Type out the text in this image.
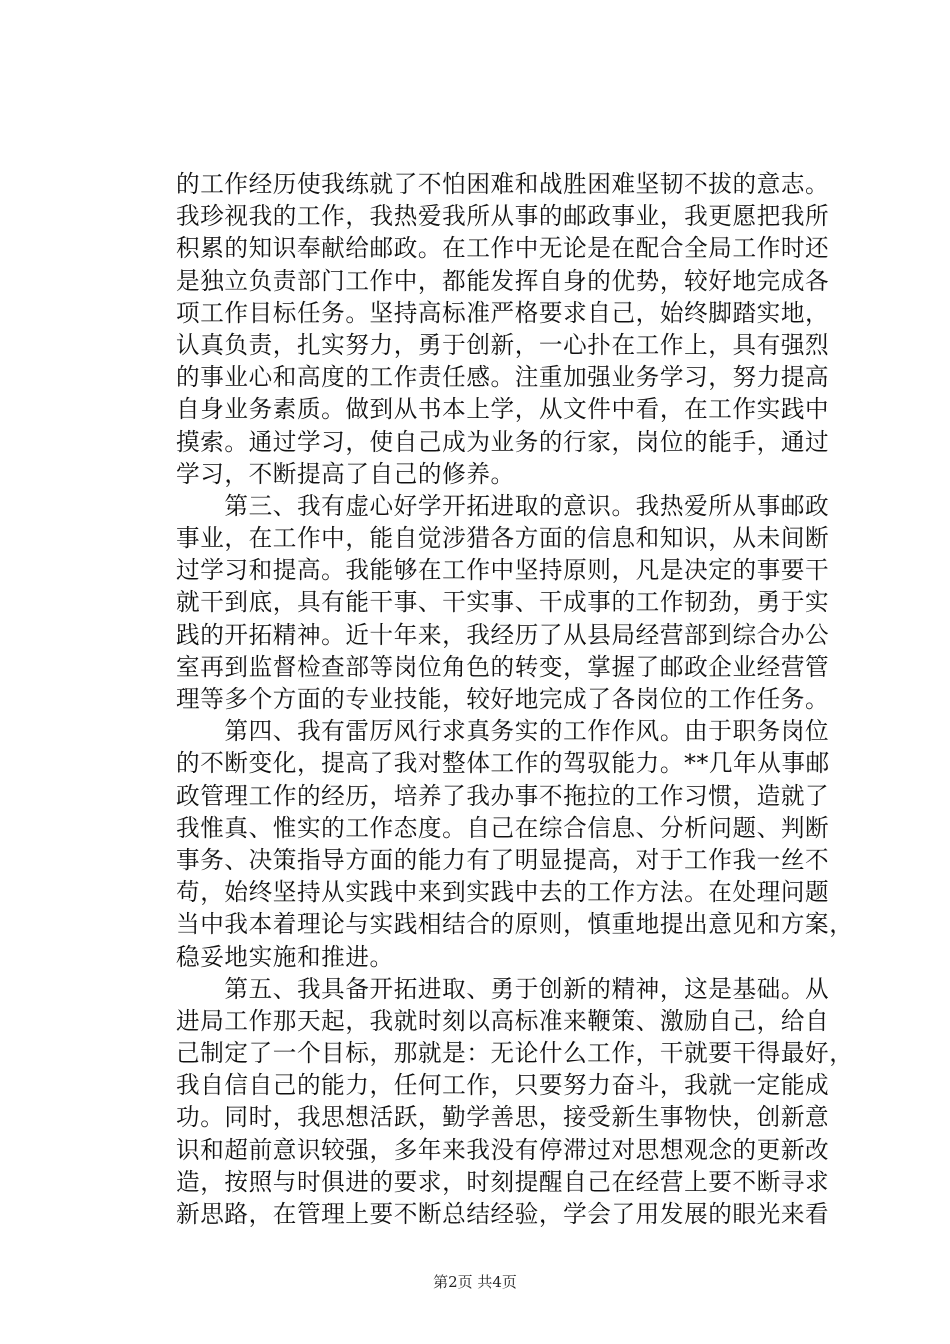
的工作经历使我练就了不怕困难和战胜困难坚韧不拔的意志。
我珍视我的工作，我热爱我所从事的邮政事业，我更愿把我所
积累的知识奉献给邮政。在工作中无论是在配合全局工作时还
是独立负责部门工作中，都能发挥自身的优势，较好地完成各
项工作目标任务。坚持高标准严格要求自己，始终脚踏实地，
认真负责，扎实努力，勇于创新，一心扑在工作上，具有强烈
的事业心和高度的工作责任感。注重加强业务学习，努力提高
自身业务素质。做到从书本上学，从文件中看，在工作实践中
摸索。通过学习，使自己成为业务的行家，岗位的能手，通过
学习，不断提高了自己的修养。
　　第三、我有虚心好学开拓进取的意识。我热爱所从事邮政
事业，在工作中，能自觉涉猎各方面的信息和知识，从未间断
过学习和提高。我能够在工作中坚持原则，凡是决定的事要干
就干到底，具有能干事、干实事、干成事的工作韧劲，勇于实
践的开拓精神。近十年来，我经历了从县局经营部到综合办公
室再到监督检查部等岗位角色的转变，掌握了邮政企业经营管
理等多个方面的专业技能，较好地完成了各岗位的工作任务。
　　第四、我有雷厉风行求真务实的工作作风。由于职务岗位
的不断变化，提高了我对整体工作的驾驭能力。**几年从事邮
政管理工作的经历，培养了我办事不拖拉的工作习惯，造就了
我惟真、惟实的工作态度。自己在综合信息、分析问题、判断
事务、决策指导方面的能力有了明显提高，对于工作我一丝不
苟，始终坚持从实践中来到实践中去的工作方法。在处理问题
当中我本着理论与实践相结合的原则，慎重地提出意见和方案，
稳妥地实施和推进。
　　第五、我具备开拓进取、勇于创新的精神，这是基础。从
进局工作那天起，我就时刻以高标准来鞭策、激励自己，给自
己制定了一个目标，那就是：无论什么工作，干就要干得最好，
我自信自己的能力，任何工作，只要努力奋斗，我就一定能成
功。同时，我思想活跃，勤学善思，接受新生事物快，创新意
识和超前意识较强，多年来我没有停滞过对思想观念的更新改
造，按照与时俱进的要求，时刻提醒自己在经营上要不断寻求
新思路，在管理上要不断总结经验，学会了用发展的眼光来看
第2页 共4页
